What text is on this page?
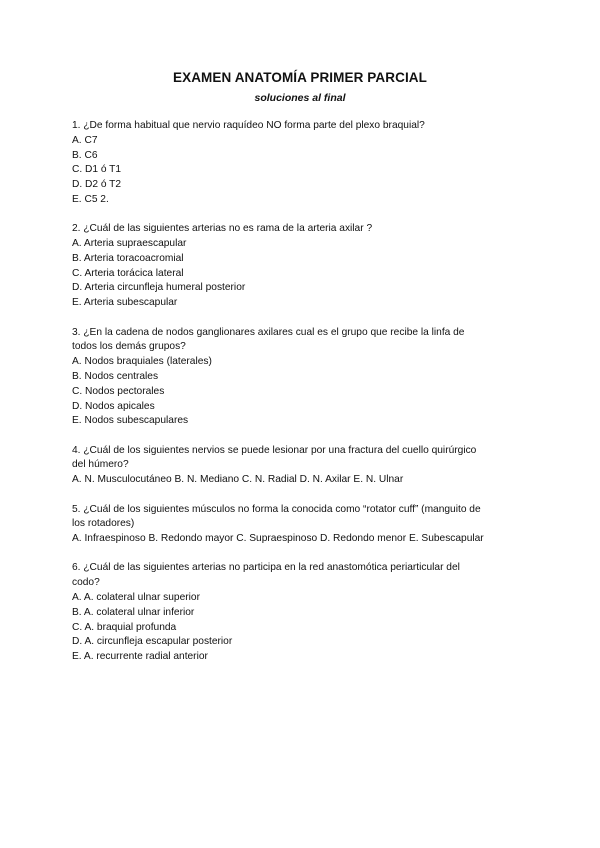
EXAMEN ANATOMÍA PRIMER PARCIAL
soluciones al final
1. ¿De forma habitual que nervio raquídeo NO forma parte del plexo braquial?
A. C7
B. C6
C. D1 ó T1
D. D2 ó T2
E. C5 2.
2. ¿Cuál de las siguientes arterias no es rama de la arteria axilar ?
A. Arteria supraescapular
B. Arteria toracoacromial
C. Arteria torácica lateral
D. Arteria circunfleja humeral posterior
E. Arteria subescapular
3. ¿En la cadena de nodos ganglionares axilares cual es el grupo que recibe la linfa de
todos los demás grupos?
A. Nodos braquiales (laterales)
B. Nodos centrales
C. Nodos pectorales
D. Nodos apicales
E. Nodos subescapulares
4. ¿Cuál de los siguientes nervios se puede lesionar por una fractura del cuello quirúrgico
del húmero?
A. N. Musculocutáneo B. N. Mediano C. N. Radial D. N. Axilar E. N. Ulnar
5. ¿Cuál de los siguientes músculos no forma la conocida como “rotator cuff” (manguito de
los rotadores)
A. Infraespinoso B. Redondo mayor C. Supraespinoso D. Redondo menor E. Subescapular
6. ¿Cuál de las siguientes arterias no participa en la red anastomótica periarticular del
codo?
A. A. colateral ulnar superior
B. A. colateral ulnar inferior
C. A. braquial profunda
D. A. circunfleja escapular posterior
E. A. recurrente radial anterior
